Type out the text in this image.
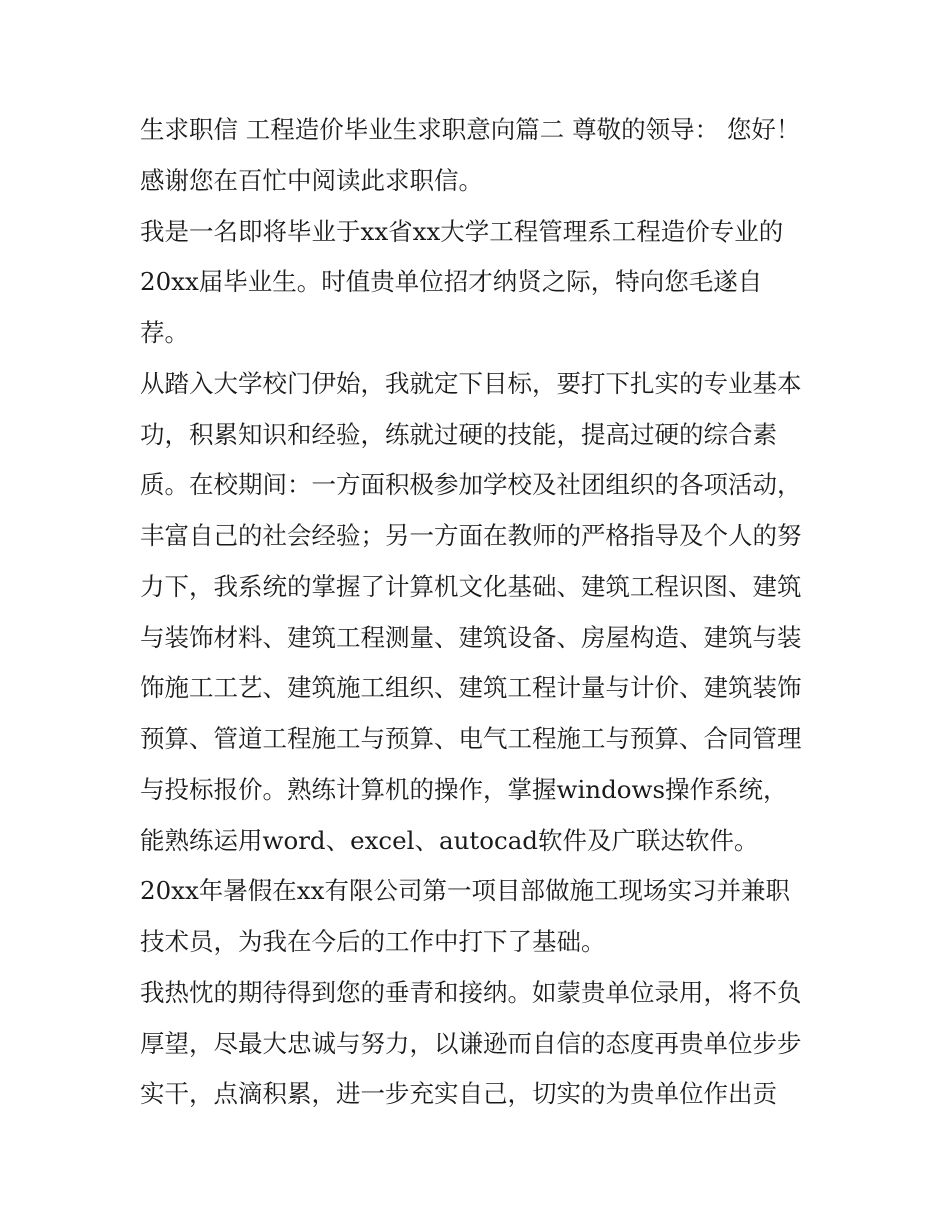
生求职信 工程造价毕业生求职意向篇二 尊敬的领导： 您好！
感谢您在百忙中阅读此求职信。
我是一名即将毕业于xx省xx大学工程管理系工程造价专业的
20xx届毕业生。时值贵单位招才纳贤之际，特向您毛遂自
荐。
从踏入大学校门伊始，我就定下目标，要打下扎实的专业基本
功，积累知识和经验，练就过硬的技能，提高过硬的综合素
质。在校期间：一方面积极参加学校及社团组织的各项活动，
丰富自己的社会经验；另一方面在教师的严格指导及个人的努
力下，我系统的掌握了计算机文化基础、建筑工程识图、建筑
与装饰材料、建筑工程测量、建筑设备、房屋构造、建筑与装
饰施工工艺、建筑施工组织、建筑工程计量与计价、建筑装饰
预算、管道工程施工与预算、电气工程施工与预算、合同管理
与投标报价。熟练计算机的操作，掌握windows操作系统，
能熟练运用word、excel、autocad软件及广联达软件。
20xx年暑假在xx有限公司第一项目部做施工现场实习并兼职
技术员，为我在今后的工作中打下了基础。
我热忱的期待得到您的垂青和接纳。如蒙贵单位录用，将不负
厚望，尽最大忠诚与努力，以谦逊而自信的态度再贵单位步步
实干，点滴积累，进一步充实自己，切实的为贵单位作出贡
